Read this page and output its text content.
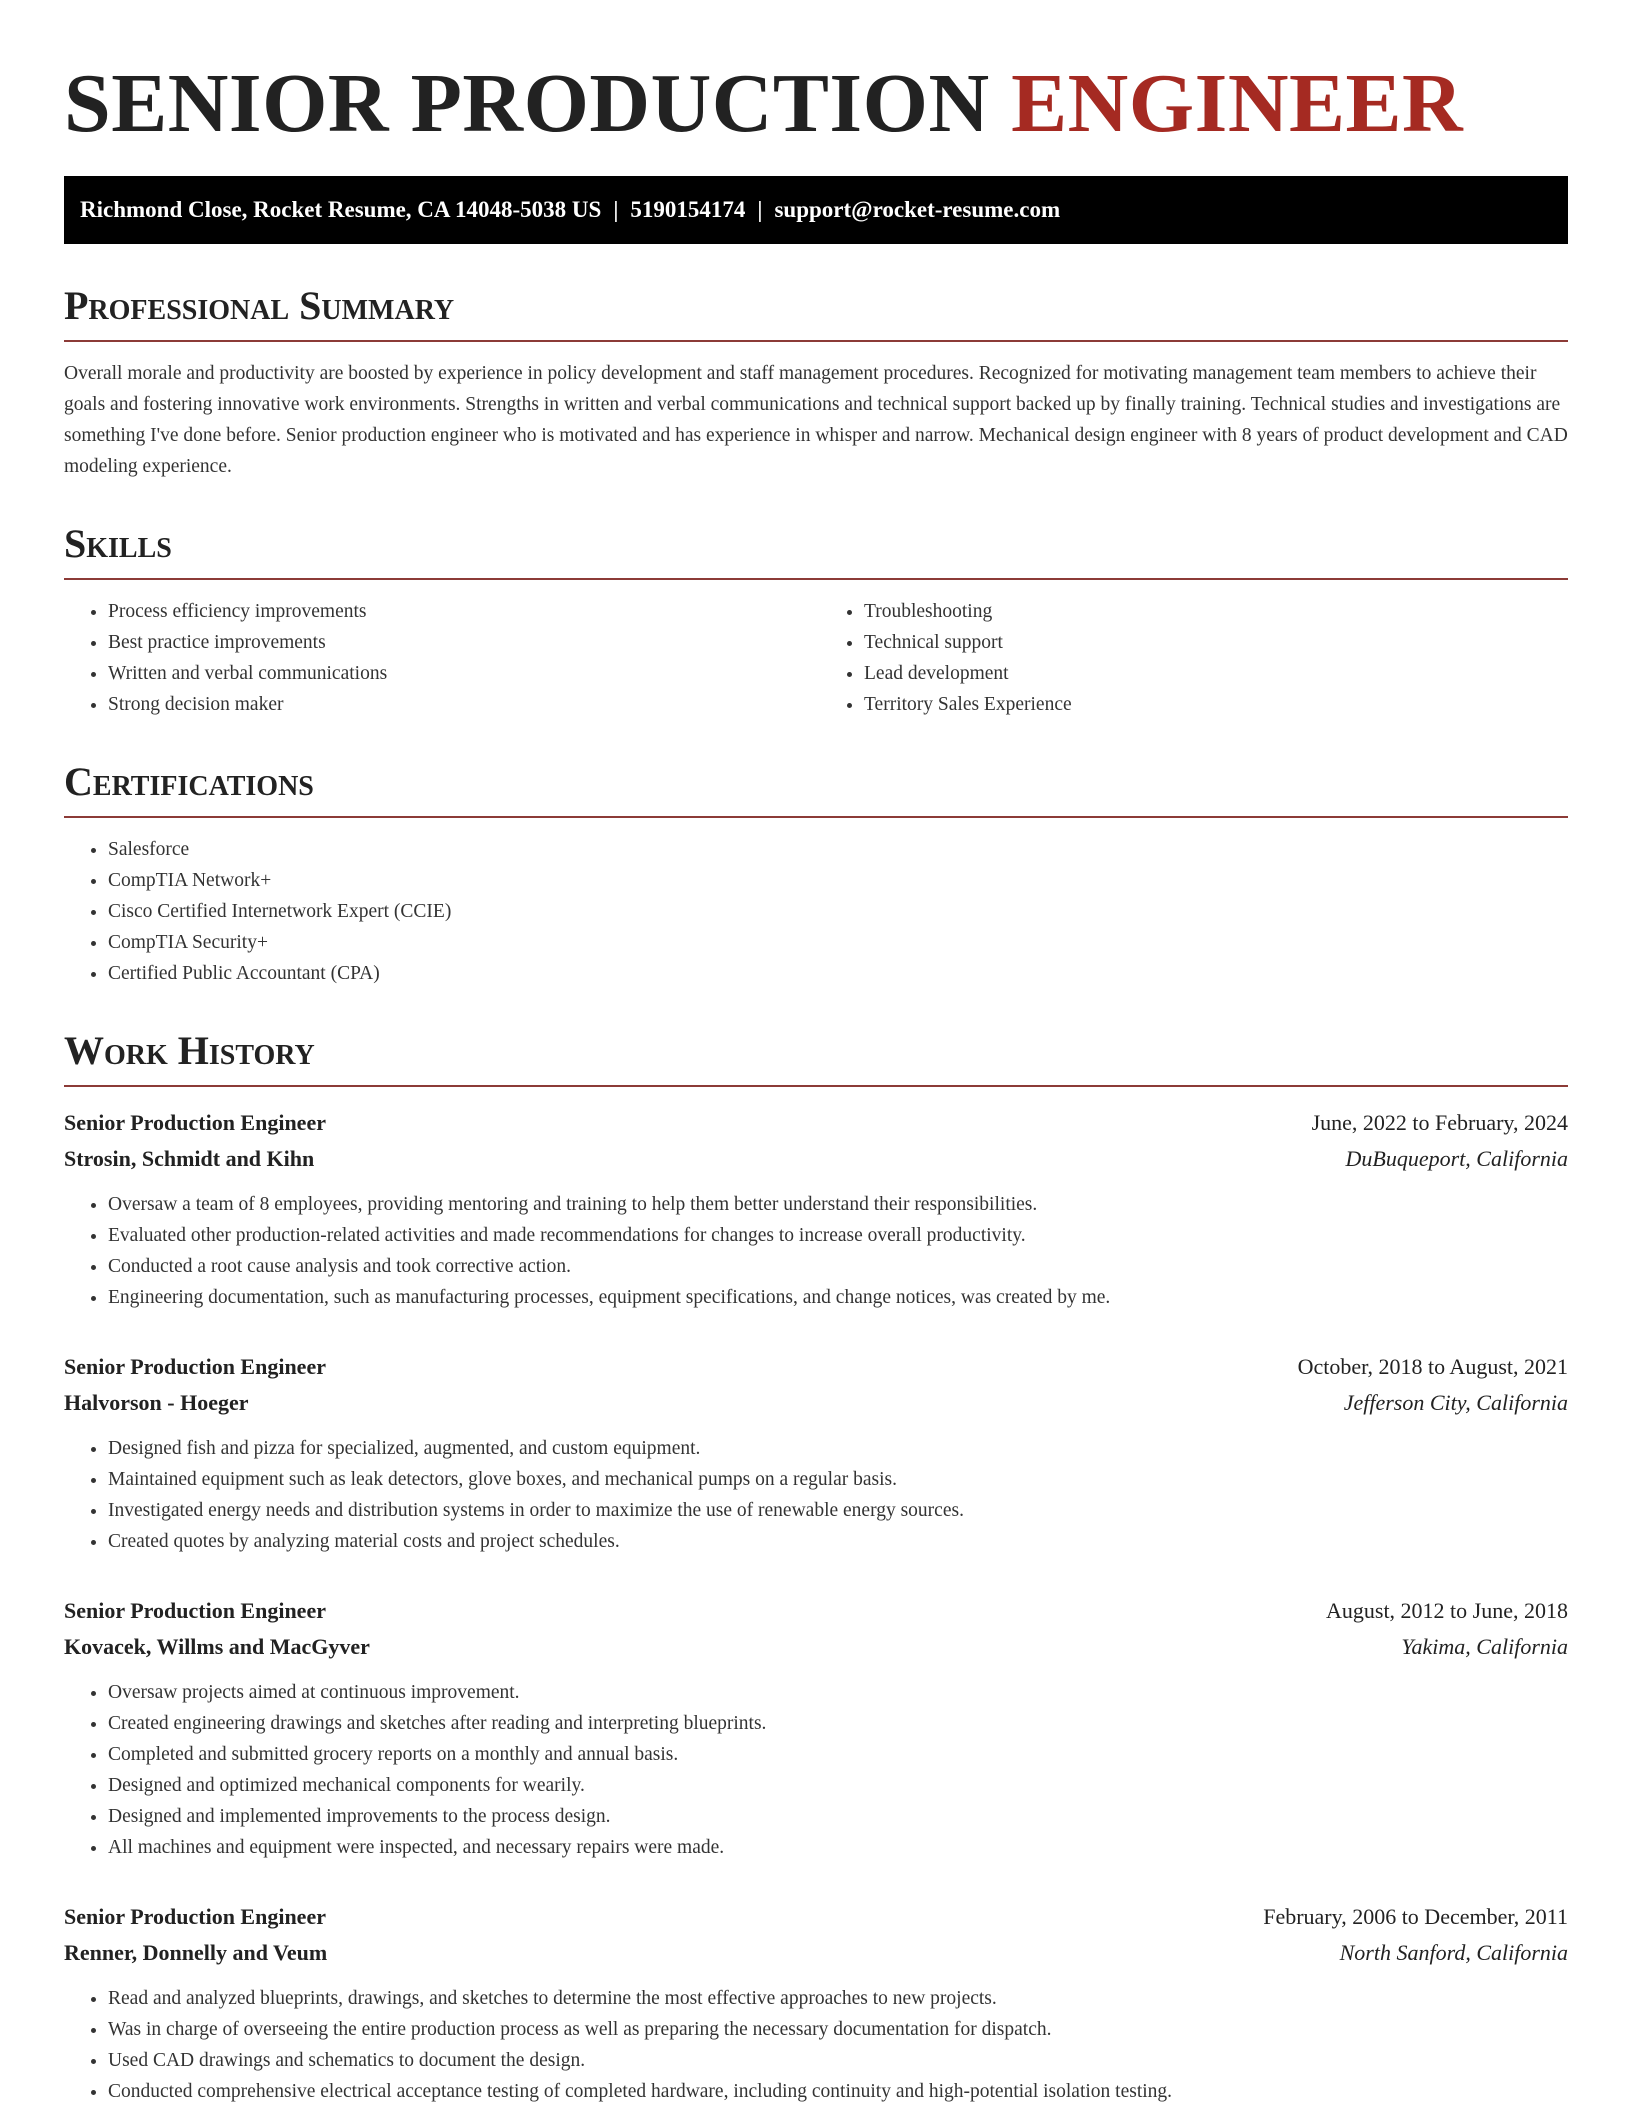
SENIOR PRODUCTION ENGINEER
Richmond Close, Rocket Resume, CA 14048-5038 US | 5190154174 | support@rocket-resume.com
Professional Summary

Overall morale and productivity are boosted by experience in policy development and staff management procedures. Recognized for motivating management team members to achieve their goals and fostering innovative work environments. Strengths in written and verbal communications and technical support backed up by finally training. Technical studies and investigations are something I've done before. Senior production engineer who is motivated and has experience in whisper and narrow. Mechanical design engineer with 8 years of product development and CAD modeling experience.

Skills
• Process efficiency improvements
• Best practice improvements
• Written and verbal communications
• Strong decision maker
• Troubleshooting
• Technical support
• Lead development
• Territory Sales Experience
Certifications
• Salesforce
• CompTIA Network+
• Cisco Certified Internetwork Expert (CCIE)
• CompTIA Security+
• Certified Public Accountant (CPA)
Work History
Senior Production Engineer	June, 2022 to February, 2024
Strosin, Schmidt and Kihn	DuBuqueport, California
• Oversaw a team of 8 employees, providing mentoring and training to help them better understand their responsibilities.
• Evaluated other production-related activities and made recommendations for changes to increase overall productivity.
• Conducted a root cause analysis and took corrective action.
• Engineering documentation, such as manufacturing processes, equipment specifications, and change notices, was created by me.
Senior Production Engineer	October, 2018 to August, 2021
Halvorson - Hoeger	Jefferson City, California
• Designed fish and pizza for specialized, augmented, and custom equipment.
• Maintained equipment such as leak detectors, glove boxes, and mechanical pumps on a regular basis.
• Investigated energy needs and distribution systems in order to maximize the use of renewable energy sources.
• Created quotes by analyzing material costs and project schedules.
Senior Production Engineer	August, 2012 to June, 2018
Kovacek, Willms and MacGyver	Yakima, California
• Oversaw projects aimed at continuous improvement.
• Created engineering drawings and sketches after reading and interpreting blueprints.
• Completed and submitted grocery reports on a monthly and annual basis.
• Designed and optimized mechanical components for wearily.
• Designed and implemented improvements to the process design.
• All machines and equipment were inspected, and necessary repairs were made.
Senior Production Engineer	February, 2006 to December, 2011
Renner, Donnelly and Veum	North Sanford, California
• Read and analyzed blueprints, drawings, and sketches to determine the most effective approaches to new projects.
• Was in charge of overseeing the entire production process as well as preparing the necessary documentation for dispatch.
• Used CAD drawings and schematics to document the design.
• Conducted comprehensive electrical acceptance testing of completed hardware, including continuity and high-potential isolation testing.
